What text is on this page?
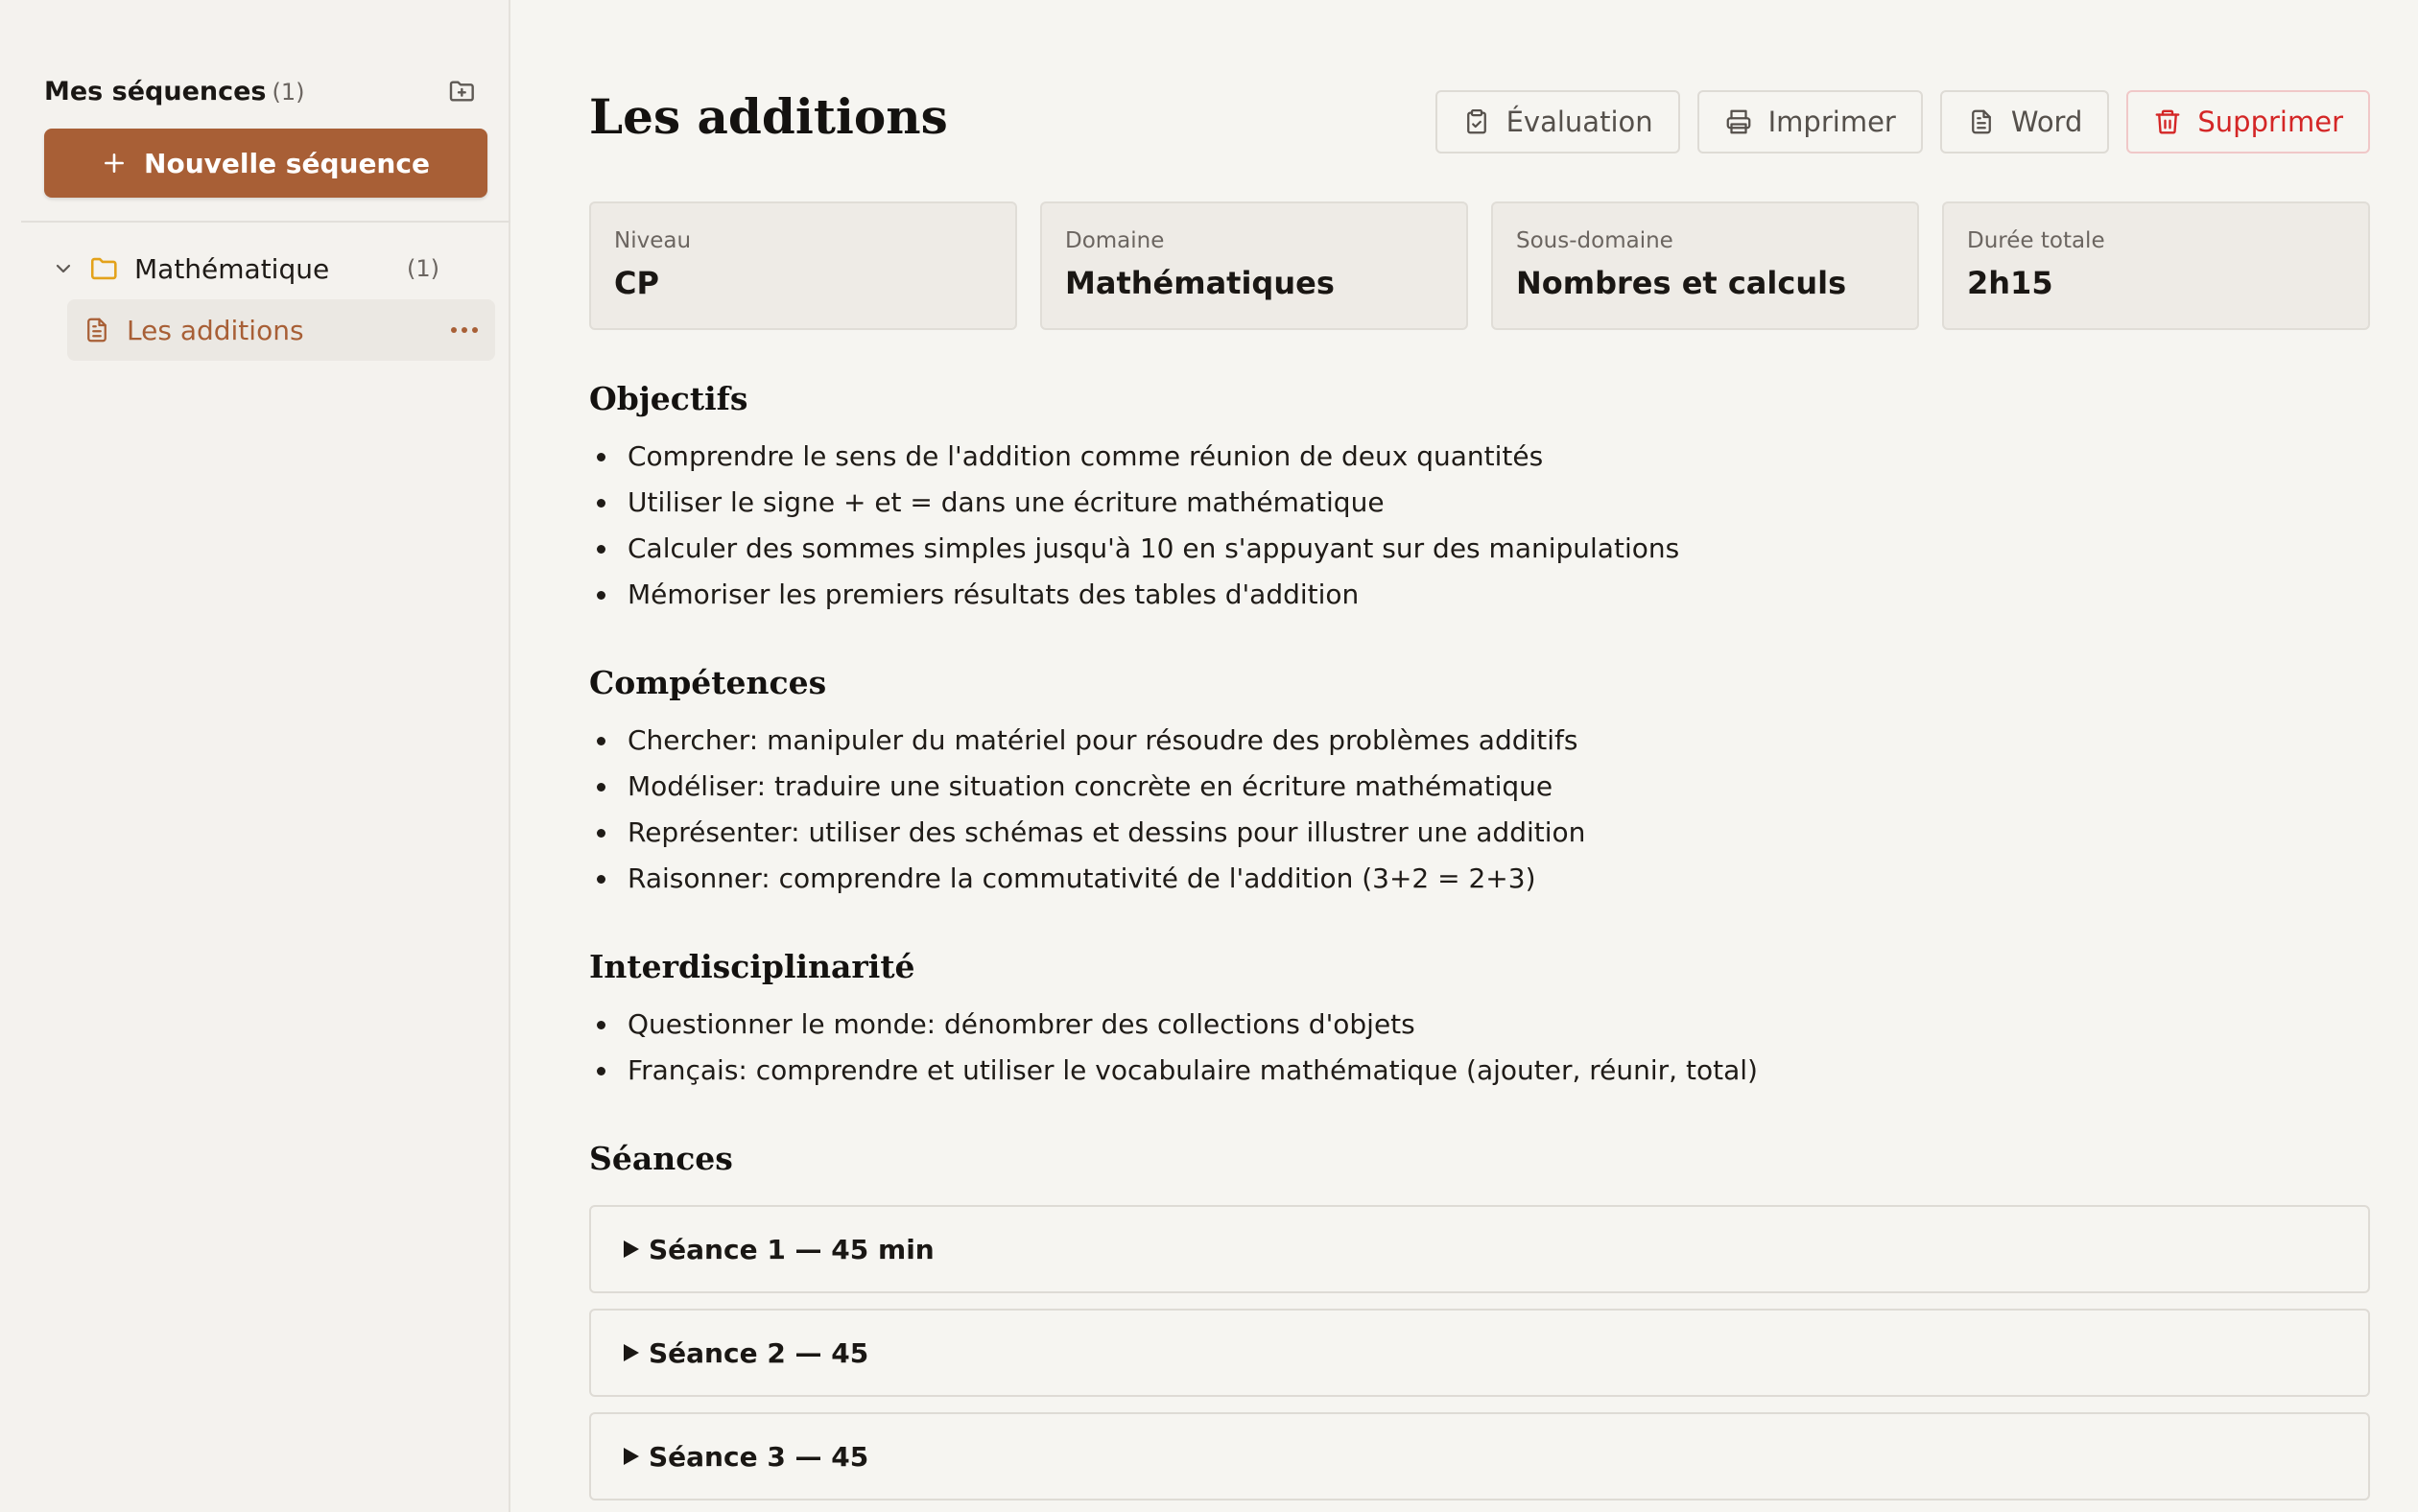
Mes séquences (1)
Nouvelle séquence
Mathématique	(1)
Les additions
Les additions	Évaluation	Imprimer	Word	Supprimer
Niveau
CP
Domaine
Mathématiques
Sous-domaine
Nombres et calculs
Durée totale
2h15
Objectifs
Comprendre le sens de l'addition comme réunion de deux quantités
Utiliser le signe + et = dans une écriture mathématique
Calculer des sommes simples jusqu'à 10 en s'appuyant sur des manipulations
Mémoriser les premiers résultats des tables d'addition
Compétences
Chercher: manipuler du matériel pour résoudre des problèmes additifs
Modéliser: traduire une situation concrète en écriture mathématique
Représenter: utiliser des schémas et dessins pour illustrer une addition
Raisonner: comprendre la commutativité de l'addition (3+2 = 2+3)
Interdisciplinarité
Questionner le monde: dénombrer des collections d'objets
Français: comprendre et utiliser le vocabulaire mathématique (ajouter, réunir, total)
Séances
Séance 1 — 45 min
Séance 2 — 45
Séance 3 — 45
